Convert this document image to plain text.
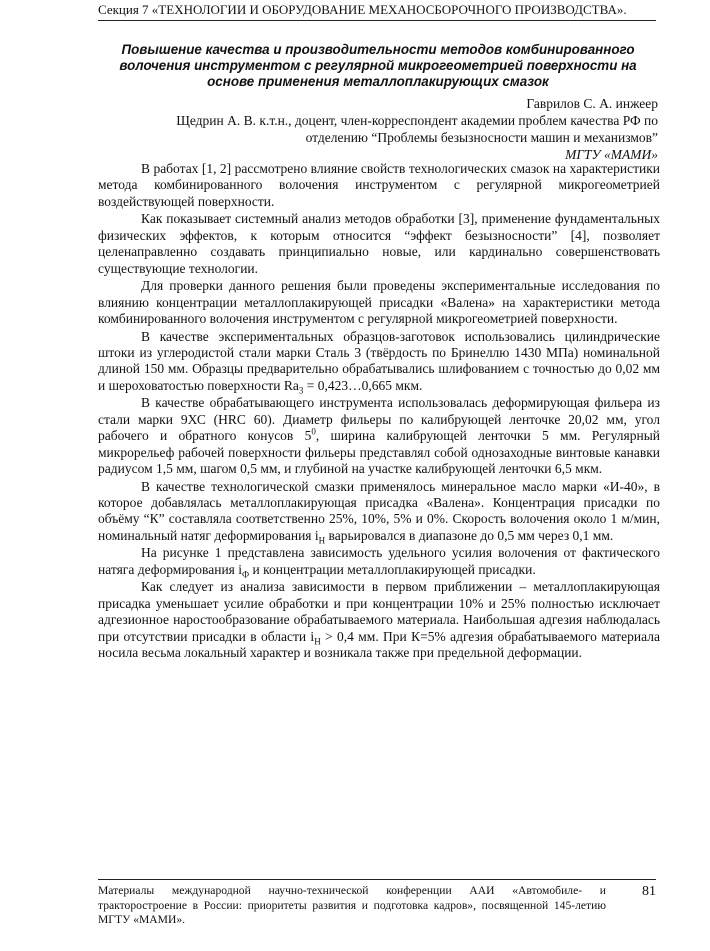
Секция 7 «ТЕХНОЛОГИИ И ОБОРУДОВАНИЕ МЕХАНОСБОРОЧНОГО ПРОИЗВОДСТВА».
Повышение качества и производительности методов комбинированного
волочения инструментом с регулярной микрогеометрией поверхности на
основе применения металлоплакирующих смазок
Гаврилов С. А. инжеер
Щедрин А. В. к.т.н., доцент, член-корреспондент академии проблем качества РФ по
отделению “Проблемы безызносности машин и механизмов”
МГТУ «МАМИ»

В работах [1, 2] рассмотрено влияние свойств технологических смазок на характеристики метода комбинированного волочения инструментом с регулярной микрогеометрией воздействующей поверхности.

Как показывает системный анализ методов обработки [3], применение фундаментальных физических эффектов, к которым относится “эффект безызносности” [4], позволяет целенаправленно создавать принципиально новые, или кардинально совершенствовать существующие технологии.

Для проверки данного решения были проведены экспериментальные исследования по влиянию концентрации металлоплакирующей присадки «Валена» на характеристики метода комбинированного волочения инструментом с регулярной микрогеометрией поверхности.

В качестве экспериментальных образцов-заготовок использовались цилиндрические штоки из углеродистой стали марки Сталь 3 (твёрдость по Бринеллю 1430 МПа) номинальной длиной 150 мм. Образцы предварительно обрабатывались шлифованием с точностью до 0,02 мм и шероховатостью поверхности $Ra_3$ = 0,423…0,665 мкм.

В качестве обрабатывающего инструмента использовалась деформирующая фильера из стали марки 9ХС (HRC 60). Диаметр фильеры по калибрующей ленточке 20,02 мм, угол рабочего и обратного конусов $5^0$, ширина калибрующей ленточки 5 мм. Регулярный микрорельеф рабочей поверхности фильеры представлял собой однозаходные винтовые канавки радиусом 1,5 мм, шагом 0,5 мм, и глубиной на участке калибрующей ленточки 6,5 мкм.

В качестве технологической смазки применялось минеральное масло марки «И-40», в которое добавлялась металлоплакирующая присадка «Валена». Концентрация присадки по объёму “К” составляла соответственно 25%, 10%, 5% и 0%. Скорость волочения около 1 м/мин, номинальный натяг деформирования $i_Н$ варьировался в диапазоне до 0,5 мм через 0,1 мм.

На рисунке 1 представлена зависимость удельного усилия волочения от фактического натяга деформирования $i_Ф$ и концентрации металлоплакирующей присадки.

Как следует из анализа зависимости в первом приближении – металлоплакирующая присадка уменьшает усилие обработки и при концентрации 10% и 25% полностью исключает адгезионное наростообразование обрабатываемого материала. Наибольшая адгезия наблюдалась при отсутствии присадки в области $i_Н > 0,4$ мм. При К=5% адгезия обрабатываемого материала носила весьма локальный характер и возникала также при предельной деформации.

Материалы международной научно-технической конференции ААИ «Автомобиле- и тракторостроение в России: приоритеты развития и подготовка кадров», посвященной 145-летию МГТУ «МАМИ».
81
